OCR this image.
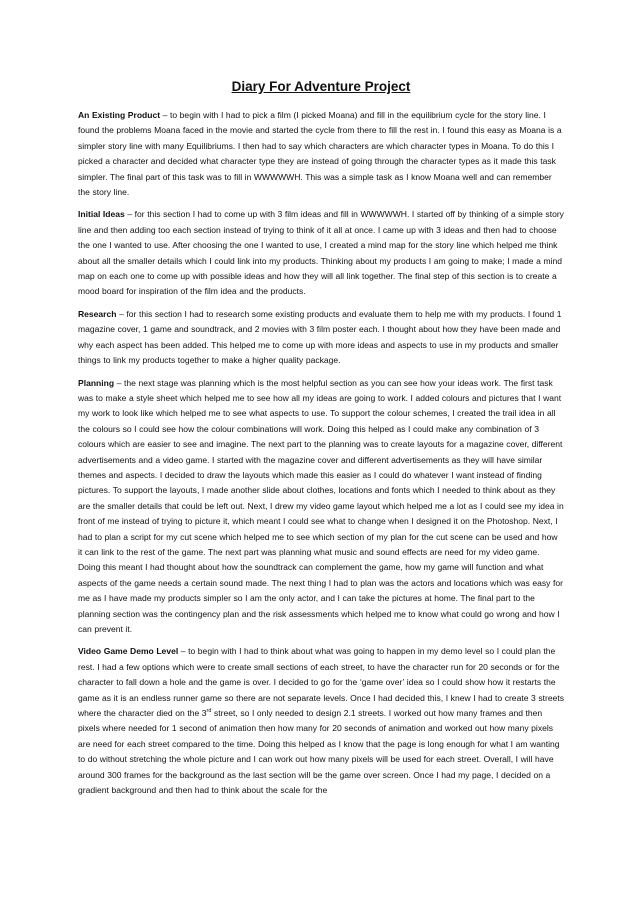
Diary For Adventure Project

An Existing Product – to begin with I had to pick a film (I picked Moana) and fill in the equilibrium cycle for the story line. I found the problems Moana faced in the movie and started the cycle from there to fill the rest in. I found this easy as Moana is a simpler story line with many Equilibriums. I then had to say which characters are which character types in Moana. To do this I picked a character and decided what character type they are instead of going through the character types as it made this task simpler. The final part of this task was to fill in WWWWWH. This was a simple task as I know Moana well and can remember the story line.

Initial Ideas – for this section I had to come up with 3 film ideas and fill in WWWWWH. I started off by thinking of a simple story line and then adding too each section instead of trying to think of it all at once. I came up with 3 ideas and then had to choose the one I wanted to use. After choosing the one I wanted to use, I created a mind map for the story line which helped me think about all the smaller details which I could link into my products. Thinking about my products I am going to make; I made a mind map on each one to come up with possible ideas and how they will all link together. The final step of this section is to create a mood board for inspiration of the film idea and the products.

Research – for this section I had to research some existing products and evaluate them to help me with my products. I found 1 magazine cover, 1 game and soundtrack, and 2 movies with 3 film poster each. I thought about how they have been made and why each aspect has been added. This helped me to come up with more ideas and aspects to use in my products and smaller things to link my products together to make a higher quality package.

Planning – the next stage was planning which is the most helpful section as you can see how your ideas work. The first task was to make a style sheet which helped me to see how all my ideas are going to work. I added colours and pictures that I want my work to look like which helped me to see what aspects to use. To support the colour schemes, I created the trail idea in all the colours so I could see how the colour combinations will work. Doing this helped as I could make any combination of 3 colours which are easier to see and imagine. The next part to the planning was to create layouts for a magazine cover, different advertisements and a video game. I started with the magazine cover and different advertisements as they will have similar themes and aspects. I decided to draw the layouts which made this easier as I could do whatever I want instead of finding pictures. To support the layouts, I made another slide about clothes, locations and fonts which I needed to think about as they are the smaller details that could be left out. Next, I drew my video game layout which helped me a lot as I could see my idea in front of me instead of trying to picture it, which meant I could see what to change when I designed it on the Photoshop. Next, I had to plan a script for my cut scene which helped me to see which section of my plan for the cut scene can be used and how it can link to the rest of the game. The next part was planning what music and sound effects are need for my video game. Doing this meant I had thought about how the soundtrack can complement the game, how my game will function and what aspects of the game needs a certain sound made. The next thing I had to plan was the actors and locations which was easy for me as I have made my products simpler so I am the only actor, and I can take the pictures at home. The final part to the planning section was the contingency plan and the risk assessments which helped me to know what could go wrong and how I can prevent it.

Video Game Demo Level – to begin with I had to think about what was going to happen in my demo level so I could plan the rest. I had a few options which were to create small sections of each street, to have the character run for 20 seconds or for the character to fall down a hole and the game is over. I decided to go for the ‘game over’ idea so I could show how it restarts the game as it is an endless runner game so there are not separate levels. Once I had decided this, I knew I had to create 3 streets where the character died on the 3rd street, so I only needed to design 2.1 streets. I worked out how many frames and then pixels where needed for 1 second of animation then how many for 20 seconds of animation and worked out how many pixels are need for each street compared to the time. Doing this helped as I know that the page is long enough for what I am wanting to do without stretching the whole picture and I can work out how many pixels will be used for each street. Overall, I will have around 300 frames for the background as the last section will be the game over screen. Once I had my page, I decided on a gradient background and then had to think about the scale for the
